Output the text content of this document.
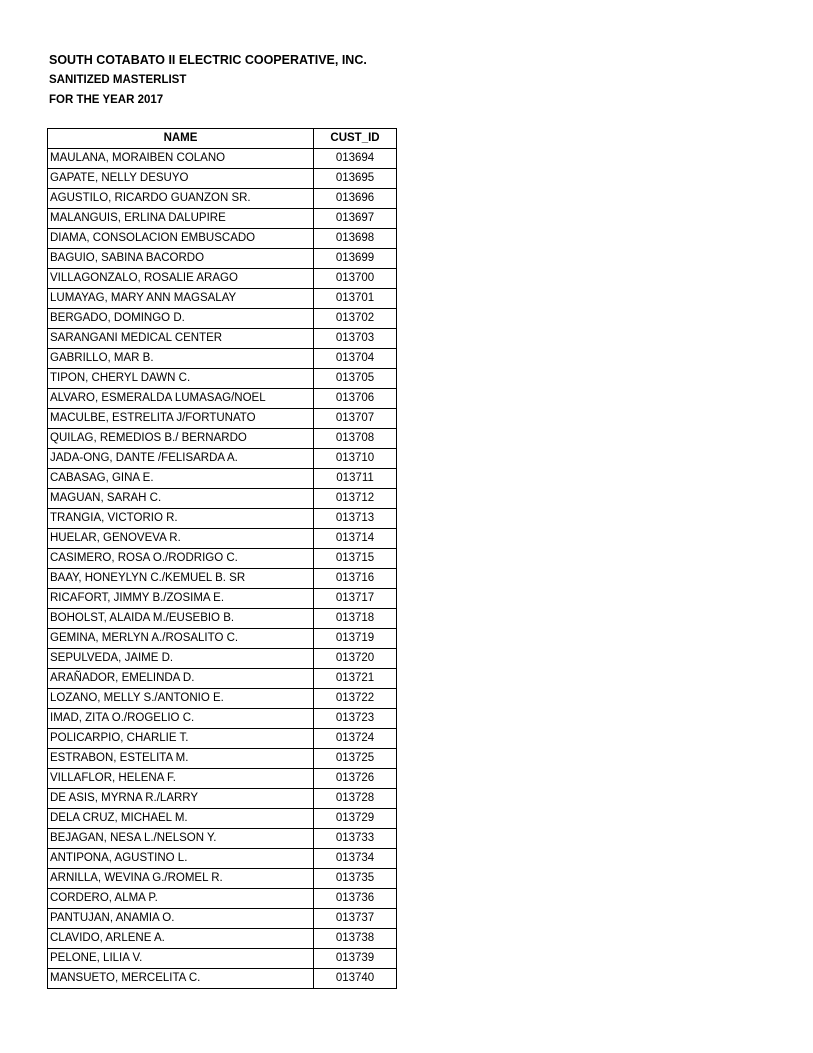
SOUTH COTABATO II ELECTRIC COOPERATIVE, INC.
SANITIZED MASTERLIST
FOR THE YEAR 2017
NAME	CUST_ID
MAULANA, MORAIBEN COLANO	013694
GAPATE, NELLY DESUYO	013695
AGUSTILO, RICARDO GUANZON SR.	013696
MALANGUIS, ERLINA DALUPIRE	013697
DIAMA, CONSOLACION EMBUSCADO	013698
BAGUIO, SABINA BACORDO	013699
VILLAGONZALO, ROSALIE ARAGO	013700
LUMAYAG, MARY ANN MAGSALAY	013701
BERGADO, DOMINGO D.	013702
SARANGANI MEDICAL CENTER	013703
GABRILLO, MAR B.	013704
TIPON, CHERYL DAWN C.	013705
ALVARO, ESMERALDA LUMASAG/NOEL	013706
MACULBE, ESTRELITA J/FORTUNATO	013707
QUILAG, REMEDIOS B./ BERNARDO	013708
JADA-ONG, DANTE /FELISARDA A.	013710
CABASAG, GINA E.	013711
MAGUAN, SARAH C.	013712
TRANGIA, VICTORIO R.	013713
HUELAR, GENOVEVA R.	013714
CASIMERO, ROSA O./RODRIGO C.	013715
BAAY, HONEYLYN C./KEMUEL B. SR	013716
RICAFORT, JIMMY B./ZOSIMA E.	013717
BOHOLST, ALAIDA M./EUSEBIO B.	013718
GEMINA, MERLYN A./ROSALITO C.	013719
SEPULVEDA, JAIME D.	013720
ARAÑADOR, EMELINDA D.	013721
LOZANO, MELLY S./ANTONIO E.	013722
IMAD, ZITA O./ROGELIO C.	013723
POLICARPIO, CHARLIE T.	013724
ESTRABON, ESTELITA M.	013725
VILLAFLOR, HELENA F.	013726
DE ASIS, MYRNA R./LARRY	013728
DELA CRUZ, MICHAEL M.	013729
BEJAGAN, NESA L./NELSON Y.	013733
ANTIPONA, AGUSTINO L.	013734
ARNILLA, WEVINA G./ROMEL R.	013735
CORDERO, ALMA P.	013736
PANTUJAN, ANAMIA O.	013737
CLAVIDO, ARLENE A.	013738
PELONE, LILIA V.	013739
MANSUETO, MERCELITA C.	013740
